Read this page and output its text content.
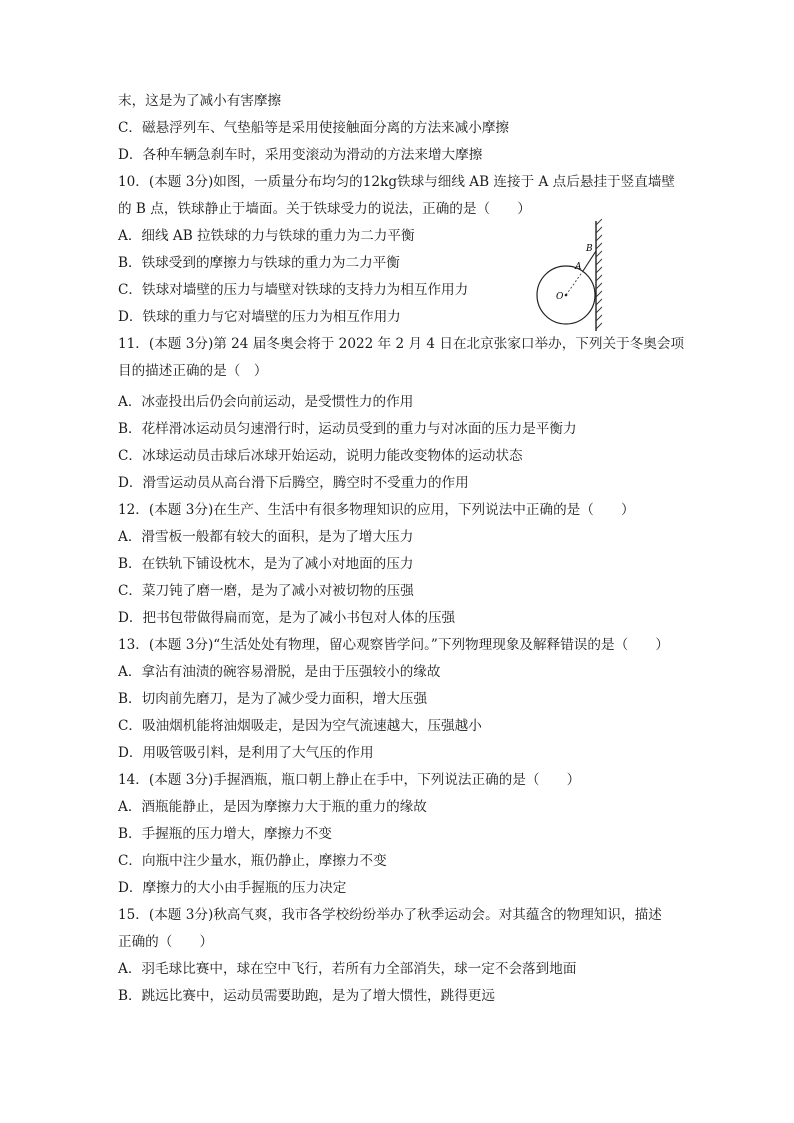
末，这是为了减小有害摩擦
C．磁悬浮列车、气垫船等是采用使接触面分离的方法来减小摩擦
D．各种车辆急刹车时，采用变滚动为滑动的方法来增大摩擦
10．(本题 3分)如图，一质量分布均匀的12kg铁球与细线 AB 连接于 A 点后悬挂于竖直墙壁
的 B 点，铁球静止于墙面。关于铁球受力的说法，正确的是（　　）
A．细线 AB 拉铁球的力与铁球的重力为二力平衡
B．铁球受到的摩擦力与铁球的重力为二力平衡
C．铁球对墙壁的压力与墙壁对铁球的支持力为相互作用力
D．铁球的重力与它对墙壁的压力为相互作用力
B
A
O
11．(本题 3分)第 24 届冬奥会将于 2022 年 2 月 4 日在北京张家口举办，下列关于冬奥会项
目的描述正确的是（　）
A．冰壶投出后仍会向前运动，是受惯性力的作用
B．花样滑冰运动员匀速滑行时，运动员受到的重力与对冰面的压力是平衡力
C．冰球运动员击球后冰球开始运动，说明力能改变物体的运动状态
D．滑雪运动员从高台滑下后腾空，腾空时不受重力的作用
12．(本题 3分)在生产、生活中有很多物理知识的应用，下列说法中正确的是（　　）
A．滑雪板一般都有较大的面积，是为了增大压力
B．在铁轨下铺设枕木，是为了减小对地面的压力
C．菜刀钝了磨一磨，是为了减小对被切物的压强
D．把书包带做得扁而宽，是为了减小书包对人体的压强
13．(本题 3分)“生活处处有物理，留心观察皆学问。”下列物理现象及解释错误的是（　　）
A．拿沾有油渍的碗容易滑脱，是由于压强较小的缘故
B．切肉前先磨刀，是为了减少受力面积，增大压强
C．吸油烟机能将油烟吸走，是因为空气流速越大，压强越小
D．用吸管吸引料，是利用了大气压的作用
14．(本题 3分)手握酒瓶，瓶口朝上静止在手中，下列说法正确的是（　　）
A．酒瓶能静止，是因为摩擦力大于瓶的重力的缘故
B．手握瓶的压力增大，摩擦力不变
C．向瓶中注少量水，瓶仍静止，摩擦力不变
D．摩擦力的大小由手握瓶的压力决定
15．(本题 3分)秋高气爽，我市各学校纷纷举办了秋季运动会。对其蕴含的物理知识，描述
正确的（　　）
A．羽毛球比赛中，球在空中飞行，若所有力全部消失，球一定不会落到地面
B．跳远比赛中，运动员需要助跑，是为了增大惯性，跳得更远
